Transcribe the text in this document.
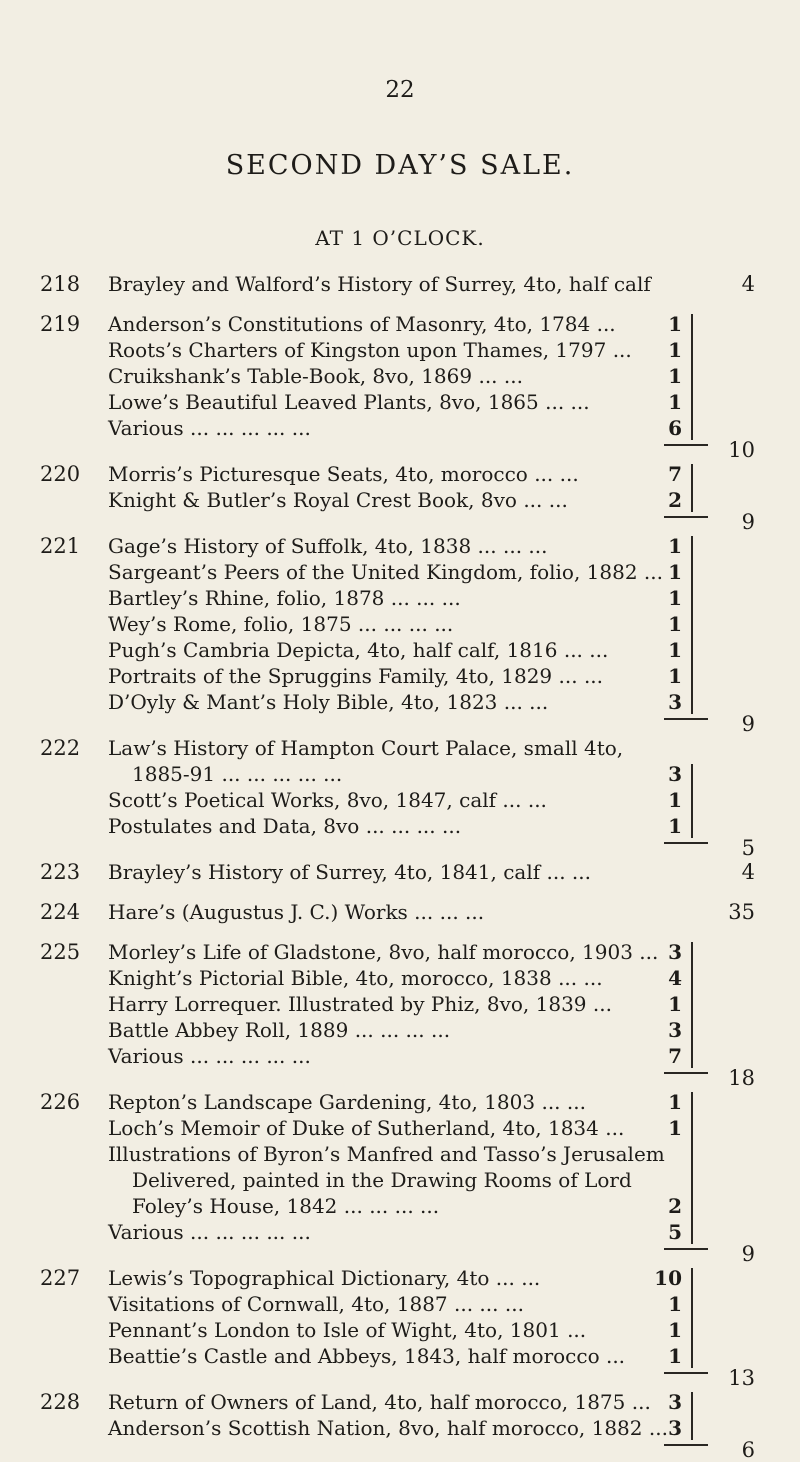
22
SECOND DAY’S SALE.
AT 1 O’CLOCK.
218	Brayley and Walford’s History of Surrey, 4to, half calf	4
219	Anderson’s Constitutions of Masonry, 4to, 1784 ...	1
Roots’s Charters of Kingston upon Thames, 1797 ...	1
Cruikshank’s Table-Book, 8vo, 1869 ... ...	1
Lowe’s Beautiful Leaved Plants, 8vo, 1865 ... ...	1
Various ... ... ... ... ...	6
10
220	Morris’s Picturesque Seats, 4to, morocco ... ...	7
Knight & Butler’s Royal Crest Book, 8vo ... ...	2
9
221	Gage’s History of Suffolk, 4to, 1838 ... ... ...	1
Sargeant’s Peers of the United Kingdom, folio, 1882 ... 1
Bartley’s Rhine, folio, 1878 ... ... ...	1
Wey’s Rome, folio, 1875 ... ... ... ...	1
Pugh’s Cambria Depicta, 4to, half calf, 1816 ... ...	1
Portraits of the Spruggins Family, 4to, 1829 ... ...	1
D’Oyly & Mant’s Holy Bible, 4to, 1823 ... ...	3
9
222	Law’s History of Hampton Court Palace, small 4to,
1885-91 ... ... ... ... ...	3
Scott’s Poetical Works, 8vo, 1847, calf ... ...	1
Postulates and Data, 8vo ... ... ... ...	1
5
223	Brayley’s History of Surrey, 4to, 1841, calf ... ...	4
224	Hare’s (Augustus J. C.) Works ... ... ...	35
225	Morley’s Life of Gladstone, 8vo, half morocco, 1903 ... 3
Knight’s Pictorial Bible, 4to, morocco, 1838 ... ...	4
Harry Lorrequer. Illustrated by Phiz, 8vo, 1839 ...	1
Battle Abbey Roll, 1889 ... ... ... ...	3
Various ... ... ... ... ...	7
18
226	Repton’s Landscape Gardening, 4to, 1803 ... ...	1
Loch’s Memoir of Duke of Sutherland, 4to, 1834 ...	1
Illustrations of Byron’s Manfred and Tasso’s Jerusalem
Delivered, painted in the Drawing Rooms of Lord
Foley’s House, 1842 ... ... ... ...	2
Various ... ... ... ... ...	5
9
227	Lewis’s Topographical Dictionary, 4to ... ...	10
Visitations of Cornwall, 4to, 1887 ... ... ...	1
Pennant’s London to Isle of Wight, 4to, 1801 ...	1
Beattie’s Castle and Abbeys, 1843, half morocco ...	1
13
228	Return of Owners of Land, 4to, half morocco, 1875 ... 3
Anderson’s Scottish Nation, 8vo, half morocco, 1882 ... 3
6
